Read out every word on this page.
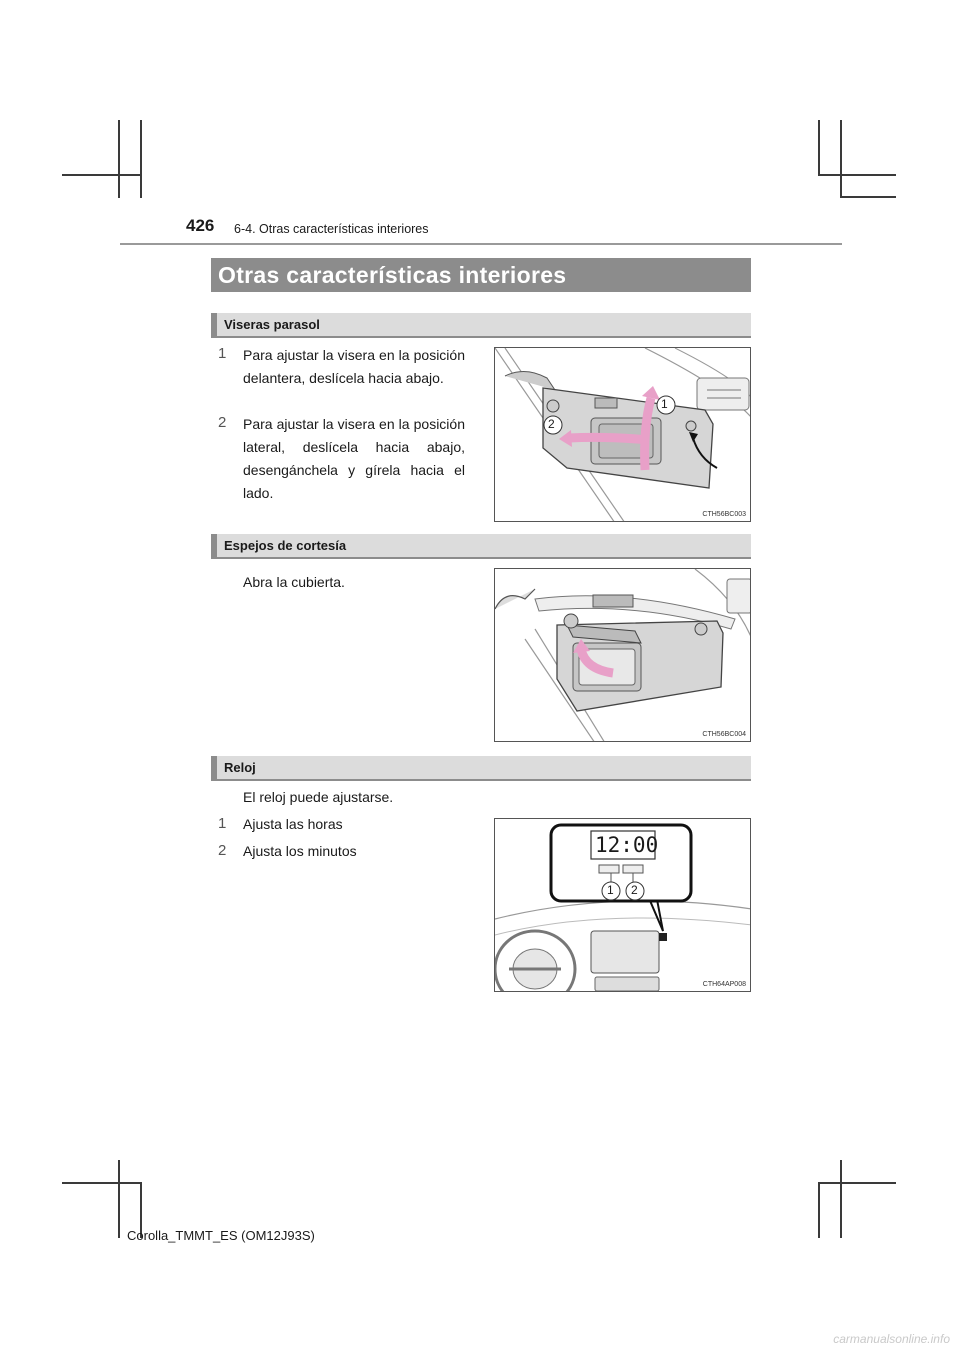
426 6-4. Otras características interiores
Otras características interiores
Viseras parasol
1 Para ajustar la visera en la posición delantera, deslícela hacia abajo.

2 Para ajustar la visera en la posición lateral, deslícela hacia abajo, desengánchela y gírela hacia el lado.

2
1
CTH56BC003
Espejos de cortesía

Abra la cubierta.

CTH56BC004
Reloj

El reloj puede ajustarse.

1 Ajusta las horas

2 Ajusta los minutos	12:00
1 2
CTH64AP008
Corolla_TMMT_ES (OM12J93S)
carmanualsonline.info
